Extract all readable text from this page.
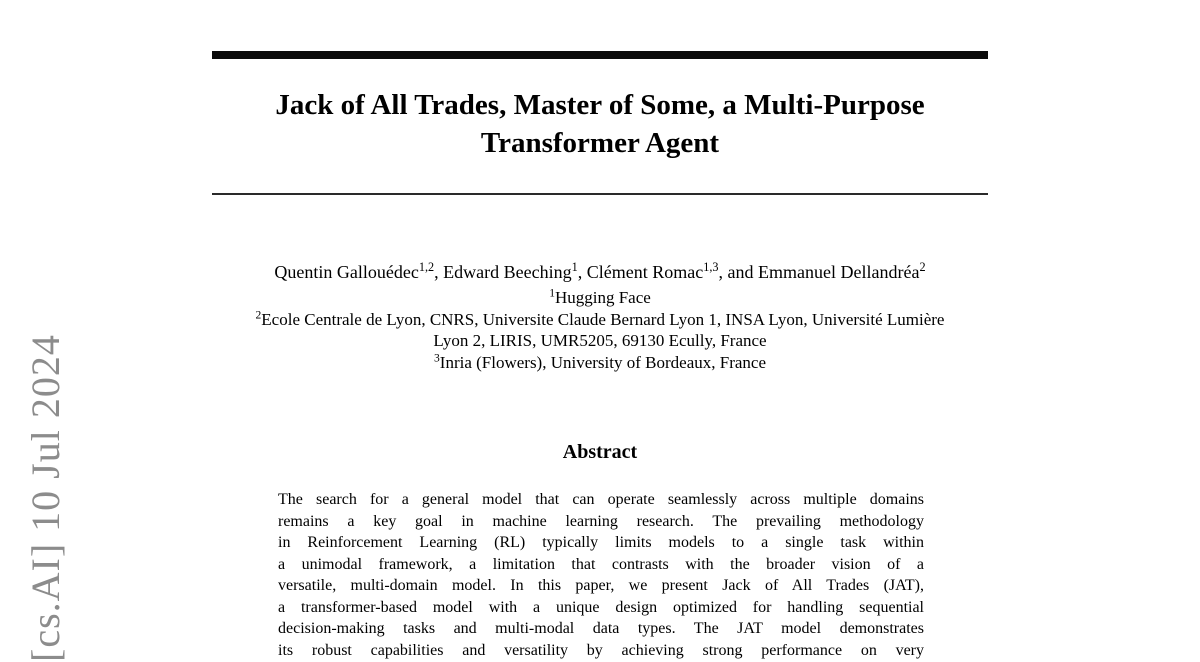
[cs.AI] 10 Jul 2024
Jack of All Trades, Master of Some, a Multi-Purpose
Transformer Agent

Quentin Gallouédec$^{1,2}$, Edward Beeching$^1$, Clément Romac$^{1,3}$, and Emmanuel Dellandréa$^2$

$^1$Hugging Face
$^2$Ecole Centrale de Lyon, CNRS, Universite Claude Bernard Lyon 1, INSA Lyon, Université Lumière
Lyon 2, LIRIS, UMR5205, 69130 Ecully, France
$^3$Inria (Flowers), University of Bordeaux, France
Abstract
The search for a general model that can operate seamlessly across multiple domains
remains a key goal in machine learning research. The prevailing methodology
in Reinforcement Learning (RL) typically limits models to a single task within
a unimodal framework, a limitation that contrasts with the broader vision of a
versatile, multi-domain model. In this paper, we present Jack of All Trades (JAT),
a transformer-based model with a unique design optimized for handling sequential
decision-making tasks and multi-modal data types. The JAT model demonstrates
its robust capabilities and versatility by achieving strong performance on very
